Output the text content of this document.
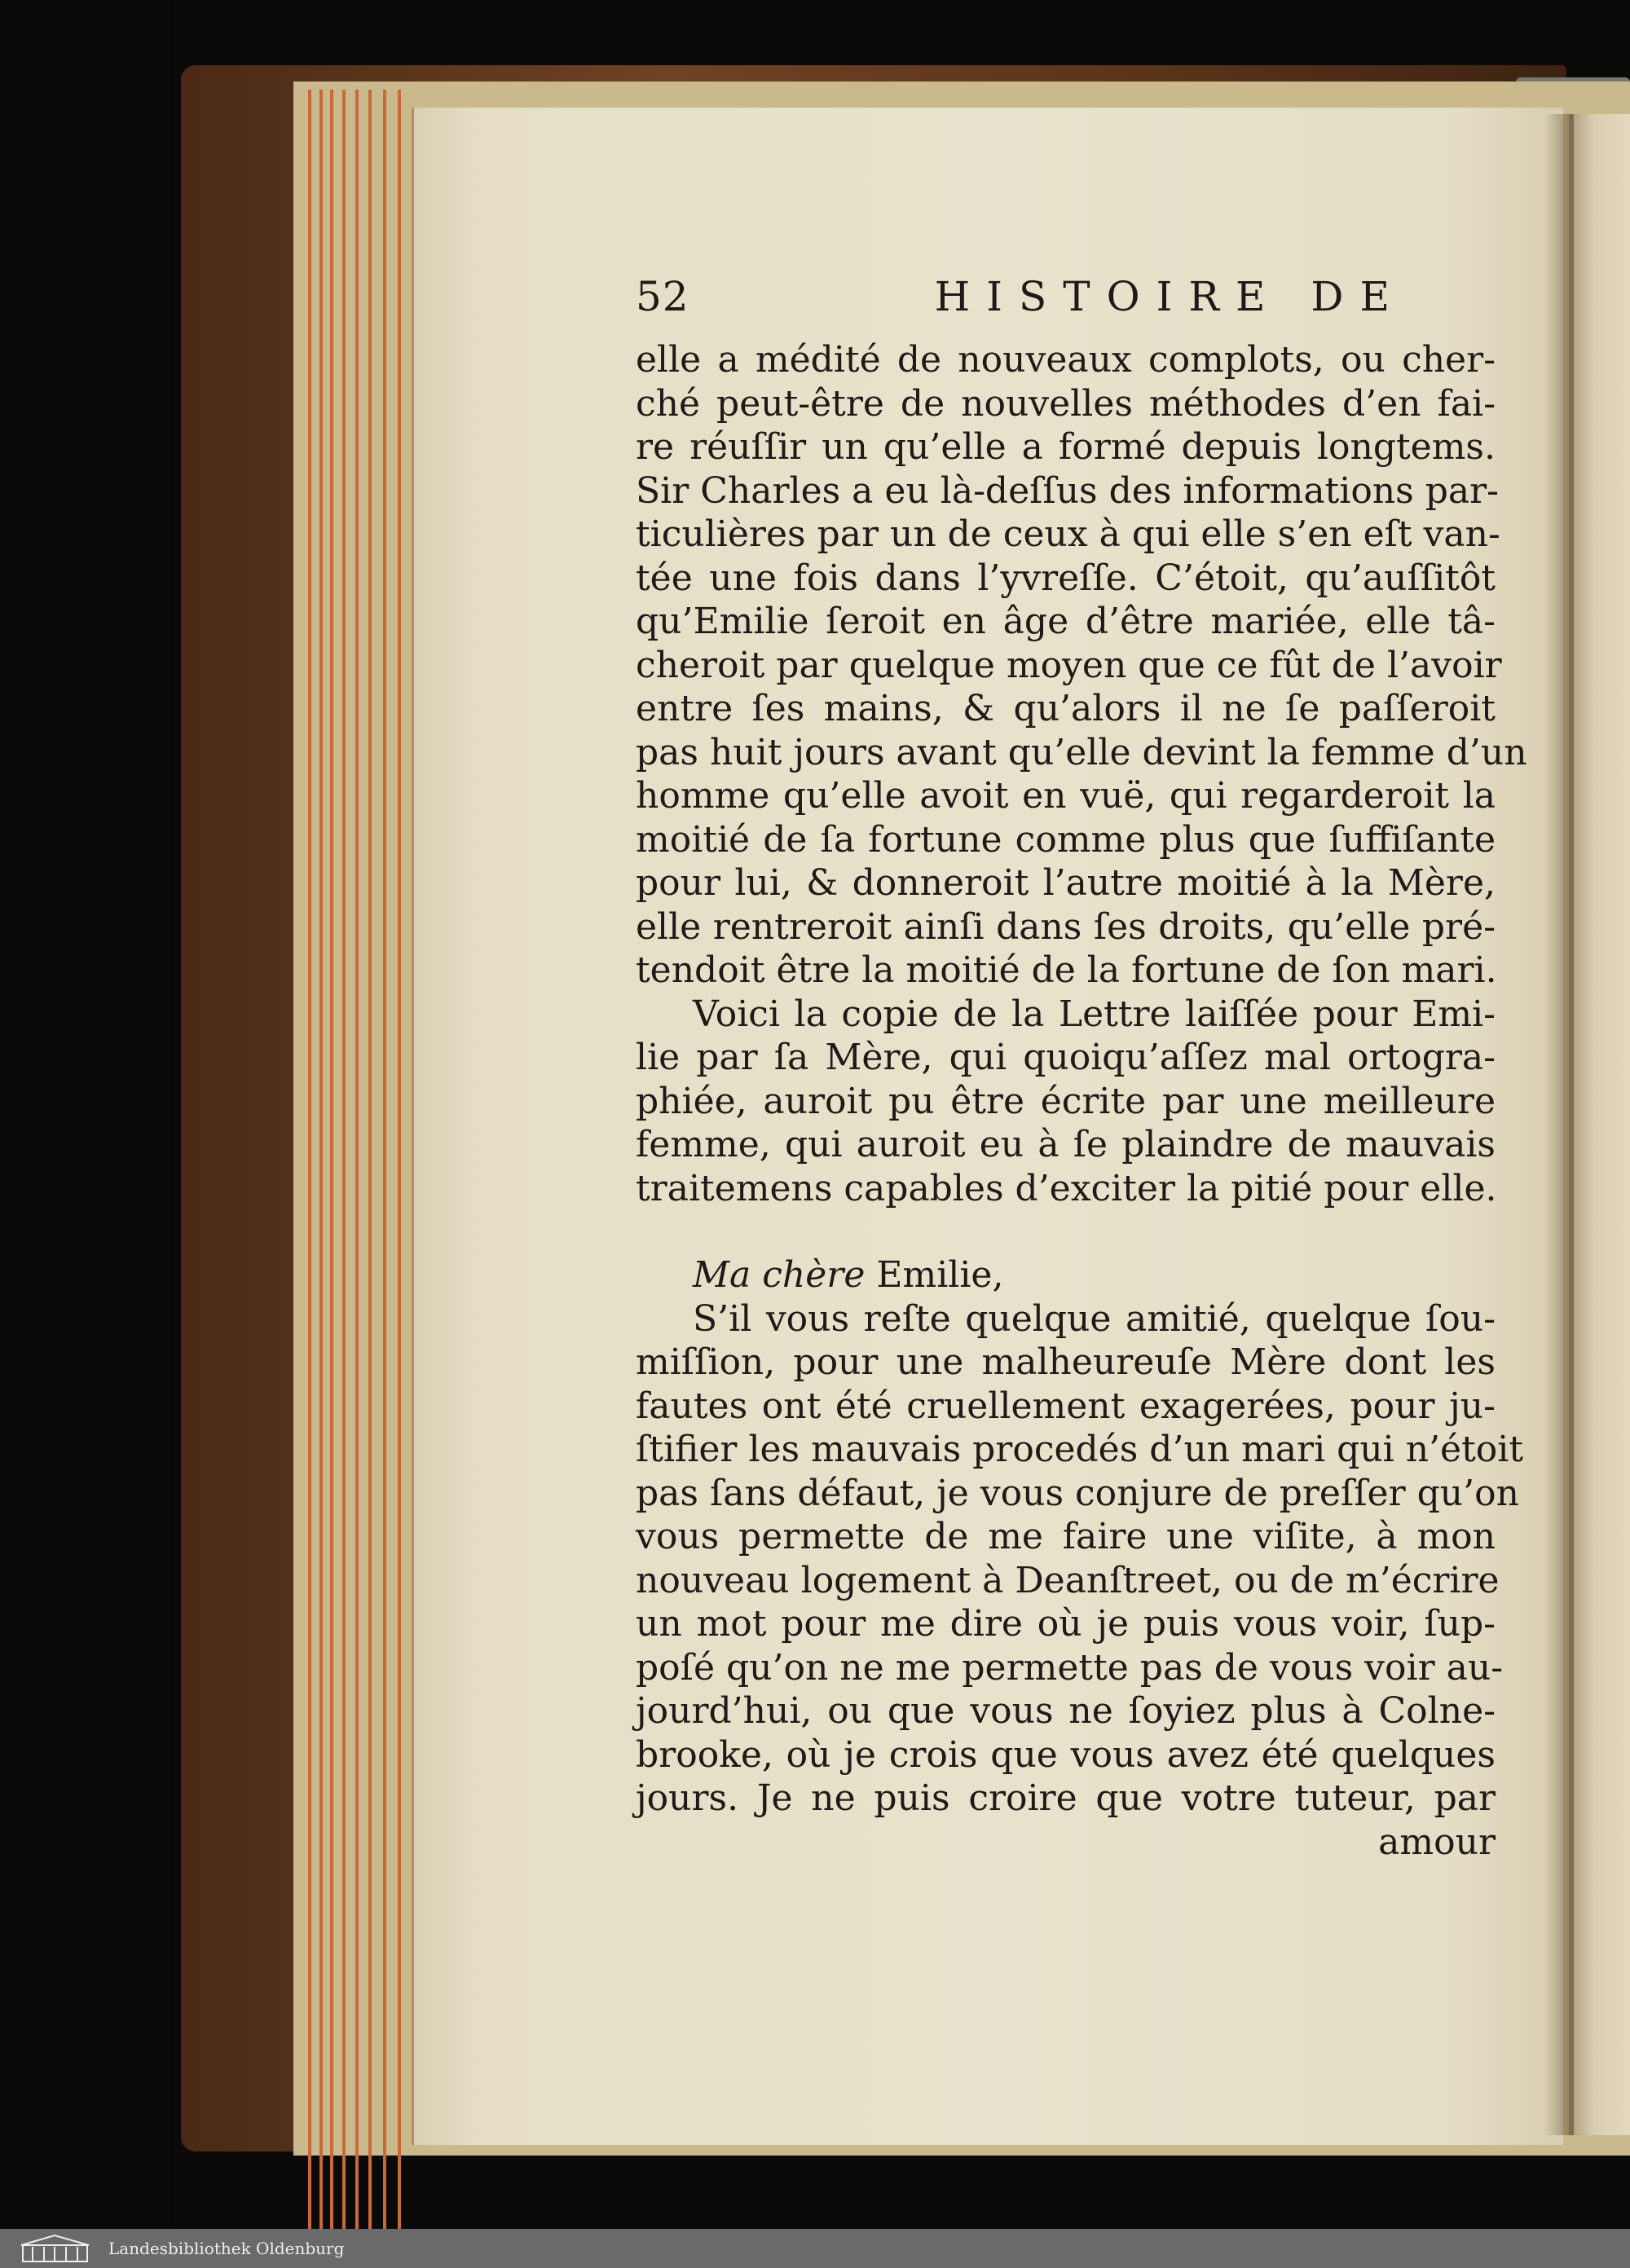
52	HISTOIRE DE
elle a médité de nouveaux complots, ou cher-
ché peut-être de nouvelles méthodes d’en fai-
re réuſſir un qu’elle a formé depuis longtems.
Sir Charles a eu là-deſſus des informations par-
ticulières par un de ceux à qui elle s’en eſt van-
tée une fois dans l’yvreſſe. C’étoit, qu’auſſitôt
qu’Emilie ſeroit en âge d’être mariée, elle tâ-
cheroit par quelque moyen que ce fût de l’avoir
entre ſes mains, & qu’alors il ne ſe paſſeroit
pas huit jours avant qu’elle devint la femme d’un
homme qu’elle avoit en vuë, qui regarderoit la
moitié de ſa fortune comme plus que ſuffiſante
pour lui, & donneroit l’autre moitié à la Mère,
elle rentreroit ainſi dans ſes droits, qu’elle pré-
tendoit être la moitié de la fortune de ſon mari.
Voici la copie de la Lettre laiſſée pour Emi-
lie par ſa Mère, qui quoiqu’aſſez mal ortogra-
phiée, auroit pu être écrite par une meilleure
femme, qui auroit eu à ſe plaindre de mauvais
traitemens capables d’exciter la pitié pour elle.
Ma chère Emilie,
S’il vous reſte quelque amitié, quelque ſou-
miſſion, pour une malheureuſe Mère dont les
fautes ont été cruellement exagerées, pour ju-
ſtifier les mauvais procedés d’un mari qui n’étoit
pas ſans défaut, je vous conjure de preſſer qu’on
vous permette de me faire une viſite, à mon
nouveau logement à Deanſtreet, ou de m’écrire
un mot pour me dire où je puis vous voir, ſup-
poſé qu’on ne me permette pas de vous voir au-
jourd’hui, ou que vous ne ſoyiez plus à Colne-
brooke, où je crois que vous avez été quelques
jours. Je ne puis croire que votre tuteur, par
amour
Landesbibliothek Oldenburg
